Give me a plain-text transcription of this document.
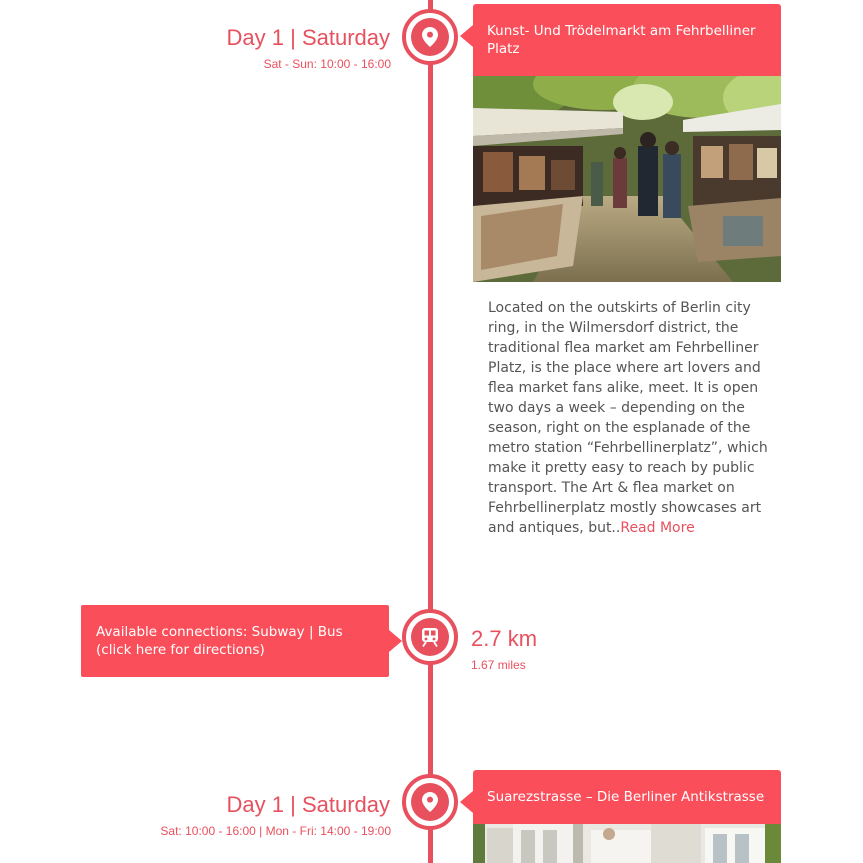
Day 1 | Saturday
Sat - Sun: 10:00 - 16:00
Kunst- Und Trödelmarkt am Fehrbelliner Platz
Located on the outskirts of Berlin city ring, in the Wilmersdorf district, the traditional flea market am Fehrbelliner Platz, is the place where art lovers and flea market fans alike, meet. It is open two days a week – depending on the season, right on the esplanade of the metro station “Fehrbellinerplatz”, which make it pretty easy to reach by public transport. The Art & flea market on Fehrbellinerplatz mostly showcases art and antiques, but..Read More
Available connections: Subway | Bus
(click here for directions)	2.7 km
1.67 miles
Day 1 | Saturday
Sat: 10:00 - 16:00 | Mon - Fri: 14:00 - 19:00
Suarezstrasse – Die Berliner Antikstrasse
